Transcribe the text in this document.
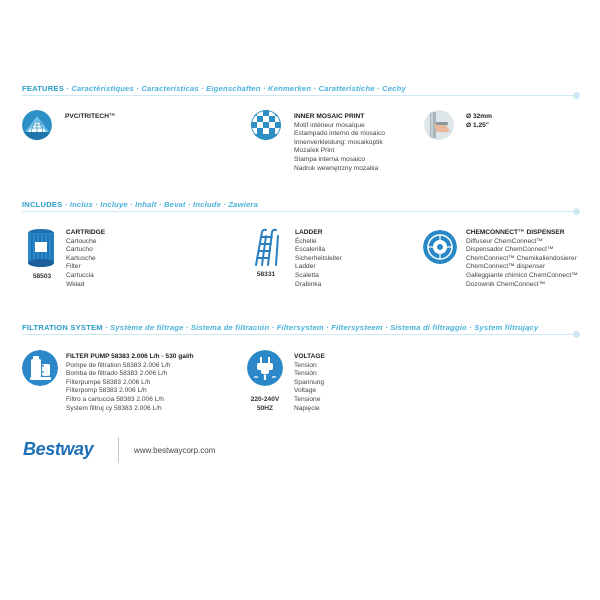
FEATURES · Caractéristiques · Características · Eigenschaften · Kenmerken · Caratteristiche · Cechy
PVC/TRITECH™	INNER MOSAIC PRINT
Motif intérieur mosaïque
Estampado interno de mosaico
Innenverkleidung: mosaikoptik
Mozaïek Print
Stampa interna mosaico
Nadruk wewnętrzny mozaika
Ø 32mm
Ø 1.25"
INCLUDES · Inclus · Incluye · Inhalt · Bevat · Include · Zawiera
58503
CARTRIDGE
Cartouche
Cartucho
Kartusche
Filter
Cartuccia
Wkład
58331
LADDER
Échelle
Escalerilla
Sicherheitsleiter
Ladder
Scaletta
Drabinka
CHEMCONNECT™ DISPENSER
Diffuseur ChemConnect™
Dispensador ChemConnect™
ChemConnect™ Chemikaliendosierer
ChemConnect™ dispenser
Galleggiante chimico ChemConnect™
Dozownik ChemConnect™
FILTRATION SYSTEM · Système de filtrage · Sistema de filtración · Filtersystem · Filtersysteem · Sistema di filtraggio · System filtrujący
FILTER PUMP 58383 2.006 L/h - 530 gal/h
Pompe de filtration 58383 2.006 L/h
Bomba de filtrado 58383 2.006 L/h
Filterpumpe 58383 2.006 L/h
Filterpomp 58383 2.006 L/h
Filtro a cartuccia 58383 2.006 L/h
System filtruj cy 58383 2.006 L/h
220-240V
50HZ
VOLTAGE
Tension
Tensión
Spannung
Voltage
Tensione
Napięcie
Bestway	www.bestwaycorp.com
